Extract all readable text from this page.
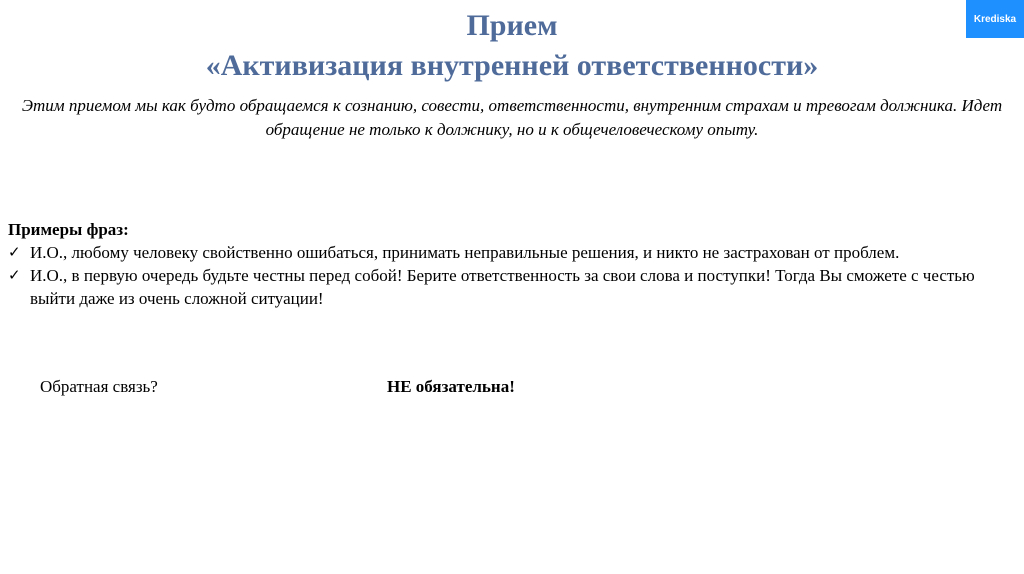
Прием
«Активизация внутренней ответственности»
Krediska
Этим приемом мы как будто обращаемся к сознанию, совести, ответственности, внутренним страхам и тревогам должника. Идет обращение не только к должнику, но и к общечеловеческому опыту.
Примеры фраз:
✓ И.О., любому человеку свойственно ошибаться, принимать неправильные решения, и никто не застрахован от проблем.
✓ И.О., в первую очередь будьте честны перед собой! Берите ответственность за свои слова и поступки! Тогда Вы сможете с честью выйти даже из очень сложной ситуации!
Обратная связь?	НЕ обязательна!
